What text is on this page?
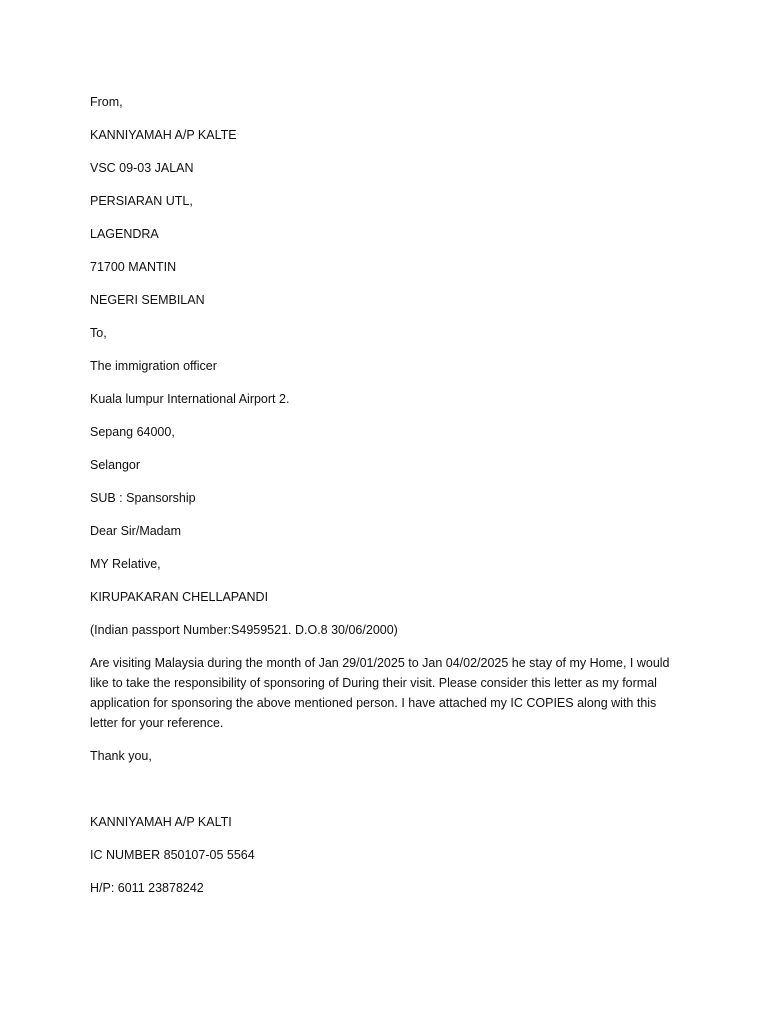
From,
KANNIYAMAH A/P KALTE
VSC 09-03 JALAN
PERSIARAN UTL,
LAGENDRA
71700 MANTIN
NEGERI SEMBILAN
To,
The immigration officer
Kuala lumpur International Airport 2.
Sepang 64000,
Selangor
SUB : Spansorship
Dear Sir/Madam
MY Relative,
KIRUPAKARAN CHELLAPANDI
(Indian passport Number:S4959521. D.O.8 30/06/2000)
Are visiting Malaysia during the month of Jan 29/01/2025 to Jan 04/02/2025 he stay of my Home, I would like to take the responsibility of sponsoring of During their visit. Please consider this letter as my formal application for sponsoring the above mentioned person. I have attached my IC COPIES along with this letter for your reference.
Thank you,
KANNIYAMAH A/P KALTI
IC NUMBER 850107-05 5564
H/P: 6011 23878242
